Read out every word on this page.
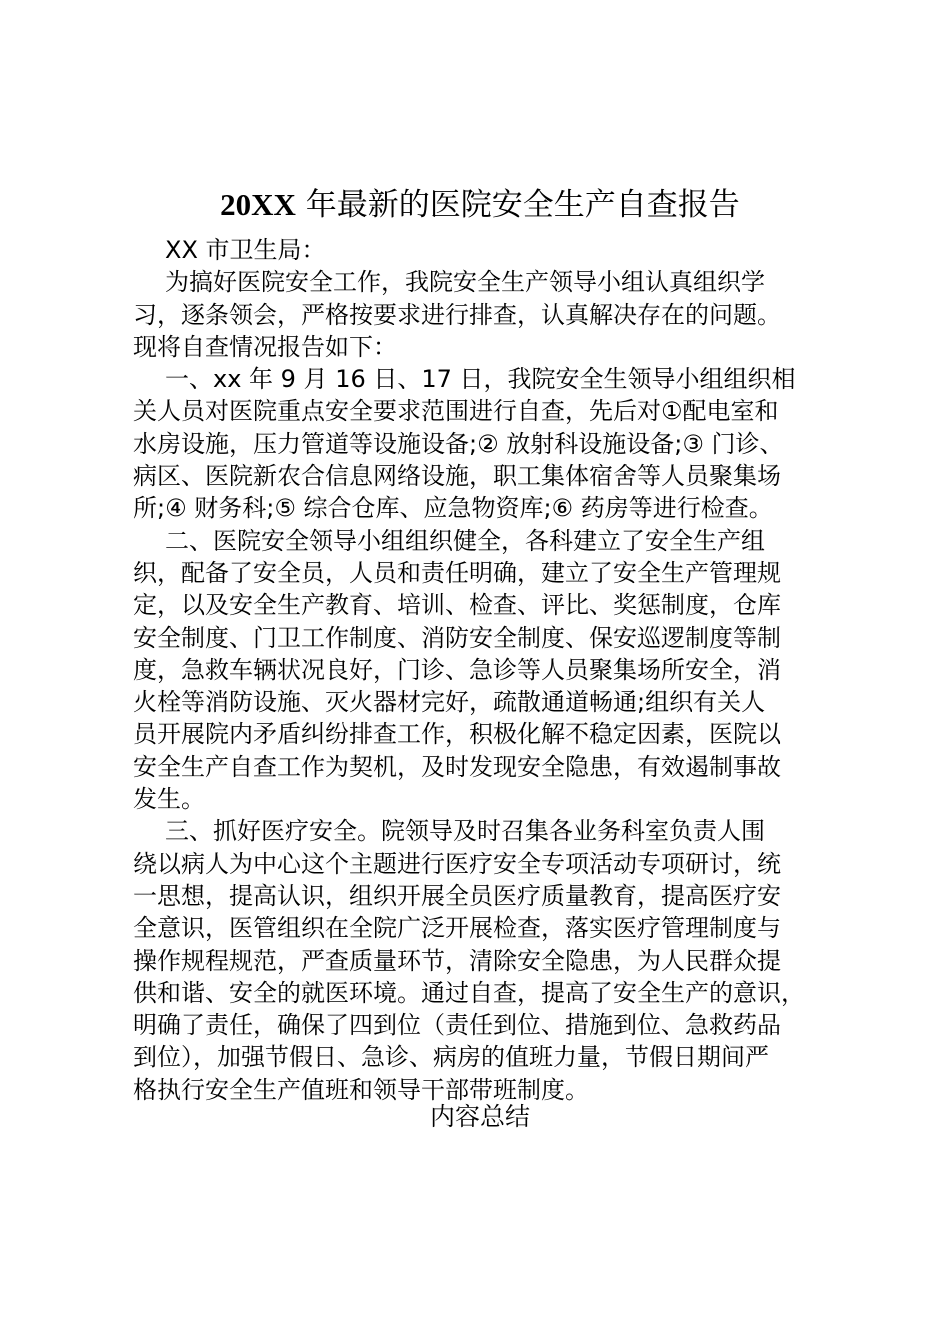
20XX 年最新的医院安全生产自查报告
XX 市卫生局：
为搞好医院安全工作，我院安全生产领导小组认真组织学
习，逐条领会，严格按要求进行排查，认真解决存在的问题。
现将自查情况报告如下：
一、xx 年 9 月 16 日、17 日，我院安全生领导小组组织相
关人员对医院重点安全要求范围进行自查，先后对①配电室和
水房设施，压力管道等设施设备;② 放射科设施设备;③ 门诊、
病区、医院新农合信息网络设施，职工集体宿舍等人员聚集场
所;④ 财务科;⑤ 综合仓库、应急物资库;⑥ 药房等进行检查。
二、医院安全领导小组组织健全，各科建立了安全生产组
织，配备了安全员，人员和责任明确，建立了安全生产管理规
定，以及安全生产教育、培训、检查、评比、奖惩制度，仓库
安全制度、门卫工作制度、消防安全制度、保安巡逻制度等制
度，急救车辆状况良好，门诊、急诊等人员聚集场所安全，消
火栓等消防设施、灭火器材完好，疏散通道畅通;组织有关人
员开展院内矛盾纠纷排查工作，积极化解不稳定因素，医院以
安全生产自查工作为契机，及时发现安全隐患，有效遏制事故
发生。
三、抓好医疗安全。院领导及时召集各业务科室负责人围
绕以病人为中心这个主题进行医疗安全专项活动专项研讨，统
一思想，提高认识，组织开展全员医疗质量教育，提高医疗安
全意识，医管组织在全院广泛开展检查，落实医疗管理制度与
操作规程规范，严查质量环节，清除安全隐患，为人民群众提
供和谐、安全的就医环境。通过自查，提高了安全生产的意识，
明确了责任，确保了四到位（责任到位、措施到位、急救药品
到位），加强节假日、急诊、病房的值班力量，节假日期间严
格执行安全生产值班和领导干部带班制度。
内容总结
